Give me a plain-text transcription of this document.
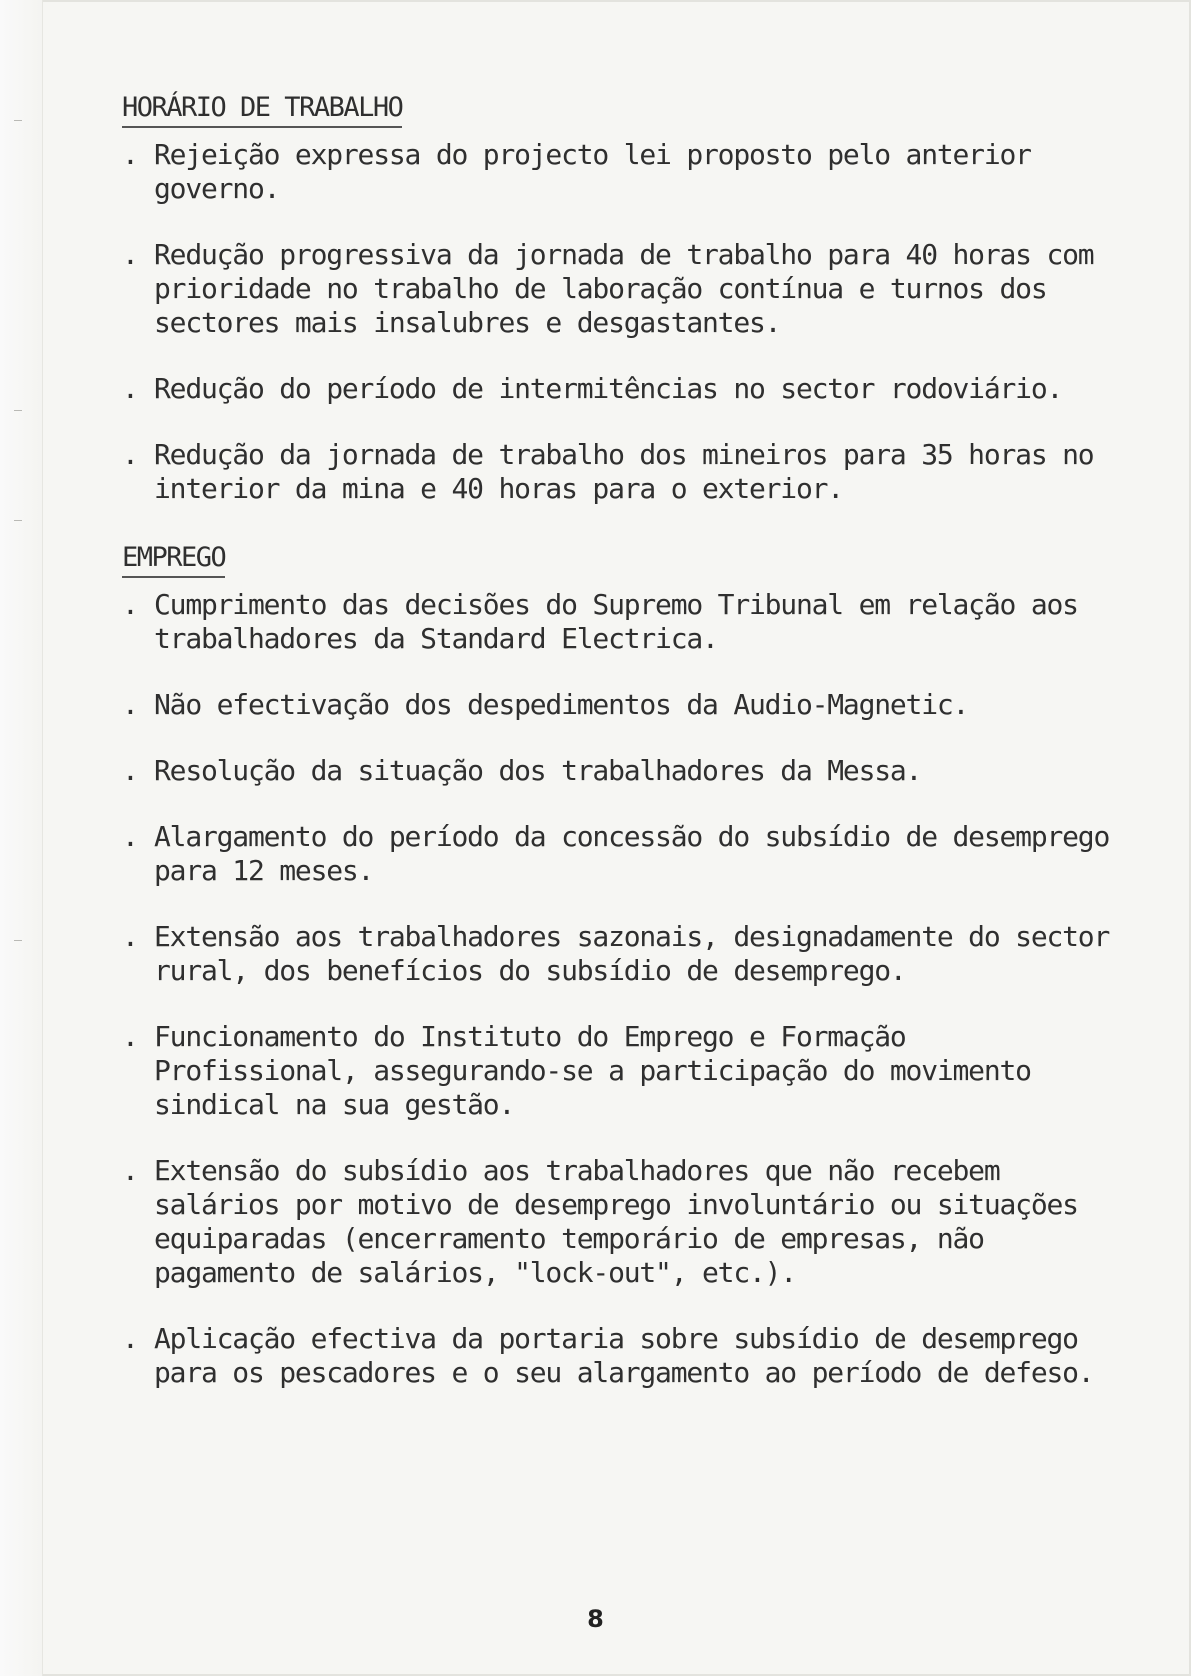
HORÁRIO DE TRABALHO
. Rejeição expressa do projecto lei proposto pelo anterior governo.
. Redução progressiva da jornada de trabalho para 40 horas com prioridade no trabalho de laboração contínua e turnos dos sectores mais insalubres e desgastantes.
. Redução do período de intermitências no sector rodoviário.
. Redução da jornada de trabalho dos mineiros para 35 horas no interior da mina e 40 horas para o exterior.
EMPREGO
. Cumprimento das decisões do Supremo Tribunal em relação aos trabalhadores da Standard Electrica.
. Não efectivação dos despedimentos da Audio-Magnetic.
. Resolução da situação dos trabalhadores da Messa.
. Alargamento do período da concessão do subsídio de desemprego para 12 meses.
. Extensão aos trabalhadores sazonais, designadamente do sector rural, dos benefícios do subsídio de desemprego.
. Funcionamento do Instituto do Emprego e Formação Profissional, assegurando-se a participação do movimento sindical na sua gestão.
. Extensão do subsídio aos trabalhadores que não recebem salários por motivo de desemprego involuntário ou situações equiparadas (encerramento temporário de empresas, não pagamento de salários, "lock-out", etc.).
. Aplicação efectiva da portaria sobre subsídio de desemprego para os pescadores e o seu alargamento ao período de defeso.
8
